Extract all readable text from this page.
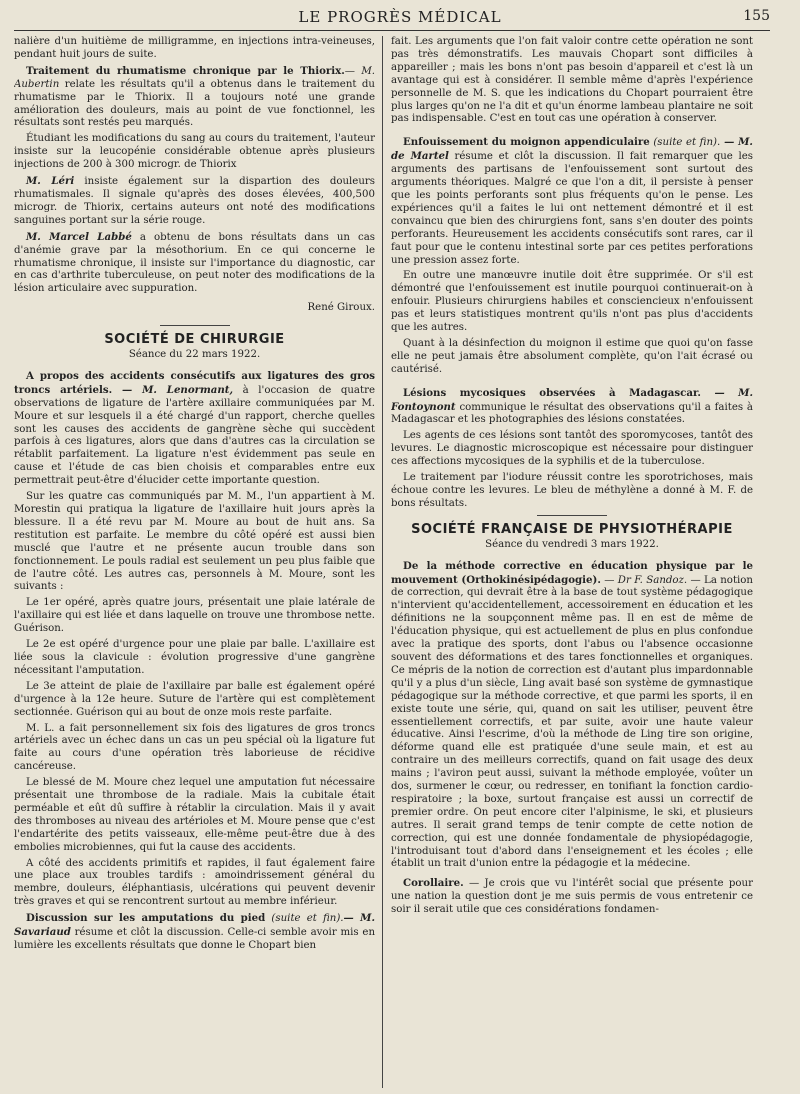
LE PROGRÈS MÉDICAL	155

nalière d'un huitième de milligramme, en injections intra-veineuses, pendant huit jours de suite.

Traitement du rhumatisme chronique par le Thiorix.— M. Aubertin relate les résultats qu'il a obtenus dans le traitement du rhumatisme par le Thiorix. Il a toujours noté une grande amélioration des douleurs, mais au point de vue fonctionnel, les résultats sont restés peu marqués.

Étudiant les modifications du sang au cours du traitement, l'auteur insiste sur la leucopénie considérable obtenue après plusieurs injections de 200 à 300 microgr. de Thiorix

M. Léri insiste également sur la dispartion des douleurs rhumatismales. Il signale qu'après des doses élevées, 400,500 microgr. de Thiorix, certains auteurs ont noté des modifications sanguines portant sur la série rouge.

M. Marcel Labbé a obtenu de bons résultats dans un cas d'anémie grave par la mésothorium. En ce qui concerne le rhumatisme chronique, il insiste sur l'importance du diagnostic, car en cas d'arthrite tuberculeuse, on peut noter des modifications de la lésion articulaire avec suppuration.

René Giroux.
SOCIÉTÉ DE CHIRURGIE
Séance du 22 mars 1922.

A propos des accidents consécutifs aux ligatures des gros troncs artériels. — M. Lenormant, à l'occasion de quatre observations de ligature de l'artère axillaire communiquées par M. Moure et sur lesquels il a été chargé d'un rapport, cherche quelles sont les causes des accidents de gangrène sèche qui succèdent parfois à ces ligatures, alors que dans d'autres cas la circulation se rétablit parfaitement. La ligature n'est évidemment pas seule en cause et l'étude de cas bien choisis et comparables entre eux permettrait peut-être d'élucider cette importante question.

Sur les quatre cas communiqués par M. M., l'un appartient à M. Morestin qui pratiqua la ligature de l'axillaire huit jours après la blessure. Il a été revu par M. Moure au bout de huit ans. Sa restitution est parfaite. Le membre du côté opéré est aussi bien musclé que l'autre et ne présente aucun trouble dans son fonctionnement. Le pouls radial est seulement un peu plus faible que de l'autre côté. Les autres cas, personnels à M. Moure, sont les suivants :

Le 1er opéré, après quatre jours, présentait une plaie latérale de l'axillaire qui est liée et dans laquelle on trouve une thrombose nette. Guérison.

Le 2e est opéré d'urgence pour une plaie par balle. L'axillaire est liée sous la clavicule : évolution progressive d'une gangrène nécessitant l'amputation.

Le 3e atteint de plaie de l'axillaire par balle est également opéré d'urgence à la 12e heure. Suture de l'artère qui est complètement sectionnée. Guérison qui au bout de onze mois reste parfaite.

M. L. a fait personnellement six fois des ligatures de gros troncs artériels avec un échec dans un cas un peu spécial où la ligature fut faite au cours d'une opération très laborieuse de récidive cancéreuse.

Le blessé de M. Moure chez lequel une amputation fut nécessaire présentait une thrombose de la radiale. Mais la cubitale était perméable et eût dû suffire à rétablir la circulation. Mais il y avait des thromboses au niveau des artérioles et M. Moure pense que c'est l'endartérite des petits vaisseaux, elle-même peut-être due à des embolies microbiennes, qui fut la cause des accidents.

A côté des accidents primitifs et rapides, il faut également faire une place aux troubles tardifs : amoindrissement général du membre, douleurs, éléphantiasis, ulcérations qui peuvent devenir très graves et qui se rencontrent surtout au membre inférieur.

Discussion sur les amputations du pied (suite et fin).— M. Savariaud résume et clôt la discussion. Celle-ci semble avoir mis en lumière les excellents résultats que donne le Chopart bien

fait. Les arguments que l'on fait valoir contre cette opération ne sont pas très démonstratifs. Les mauvais Chopart sont difficiles à appareiller ; mais les bons n'ont pas besoin d'appareil et c'est là un avantage qui est à considérer. Il semble même d'après l'expérience personnelle de M. S. que les indications du Chopart pourraient être plus larges qu'on ne l'a dit et qu'un énorme lambeau plantaire ne soit pas indispensable. C'est en tout cas une opération à conserver.

Enfouissement du moignon appendiculaire (suite et fin). — M. de Martel résume et clôt la discussion. Il fait remarquer que les arguments des partisans de l'enfouissement sont surtout des arguments théoriques. Malgré ce que l'on a dit, il persiste à penser que les points perforants sont plus fréquents qu'on le pense. Les expériences qu'il a faites le lui ont nettement démontré et il est convaincu que bien des chirurgiens font, sans s'en douter des points perforants. Heureusement les accidents consécutifs sont rares, car il faut pour que le contenu intestinal sorte par ces petites perforations une pression assez forte.

En outre une manœuvre inutile doit être supprimée. Or s'il est démontré que l'enfouissement est inutile pourquoi continuerait-on à enfouir. Plusieurs chirurgiens habiles et consciencieux n'enfouissent pas et leurs statistiques montrent qu'ils n'ont pas plus d'accidents que les autres.

Quant à la désinfection du moignon il estime que quoi qu'on fasse elle ne peut jamais être absolument complète, qu'on l'ait écrasé ou cautérisé.

Lésions mycosiques observées à Madagascar. — M. Fontoynont communique le résultat des observations qu'il a faites à Madagascar et les photographies des lésions constatées.

Les agents de ces lésions sont tantôt des sporomycoses, tantôt des levures. Le diagnostic microscopique est nécessaire pour distinguer ces affections mycosiques de la syphilis et de la tuberculose.

Le traitement par l'iodure réussit contre les sporotrichoses, mais échoue contre les levures. Le bleu de méthylène a donné à M. F. de bons résultats.

SOCIÉTÉ FRANÇAISE DE PHYSIOTHÉRAPIE
Séance du vendredi 3 mars 1922.

De la méthode corrective en éducation physique par le mouvement (Orthokinésipédagogie). — Dr F. Sandoz. — La notion de correction, qui devrait être à la base de tout système pédagogique n'intervient qu'accidentellement, accessoirement en éducation et les définitions ne la soupçonnent même pas. Il en est de même de l'éducation physique, qui est actuellement de plus en plus confondue avec la pratique des sports, dont l'abus ou l'absence occasionne souvent des déformations et des tares fonctionnelles et organiques. Ce mépris de la notion de correction est d'autant plus impardonnable qu'il y a plus d'un siècle, Ling avait basé son système de gymnastique pédagogique sur la méthode corrective, et que parmi les sports, il en existe toute une série, qui, quand on sait les utiliser, peuvent être essentiellement correctifs, et par suite, avoir une haute valeur éducative. Ainsi l'escrime, d'où la méthode de Ling tire son origine, déforme quand elle est pratiquée d'une seule main, et est au contraire un des meilleurs correctifs, quand on fait usage des deux mains ; l'aviron peut aussi, suivant la méthode employée, voûter un dos, surmener le cœur, ou redresser, en tonifiant la fonction cardio-respiratoire ; la boxe, surtout française est aussi un correctif de premier ordre. On peut encore citer l'alpinisme, le ski, et plusieurs autres. Il serait grand temps de tenir compte de cette notion de correction, qui est une donnée fondamentale de physiopédagogie, l'introduisant tout d'abord dans l'enseignement et les écoles ; elle établit un trait d'union entre la pédagogie et la médecine.

Corollaire. — Je crois que vu l'intérêt social que présente pour une nation la question dont je me suis permis de vous entretenir ce soir il serait utile que ces considérations fondamen-
